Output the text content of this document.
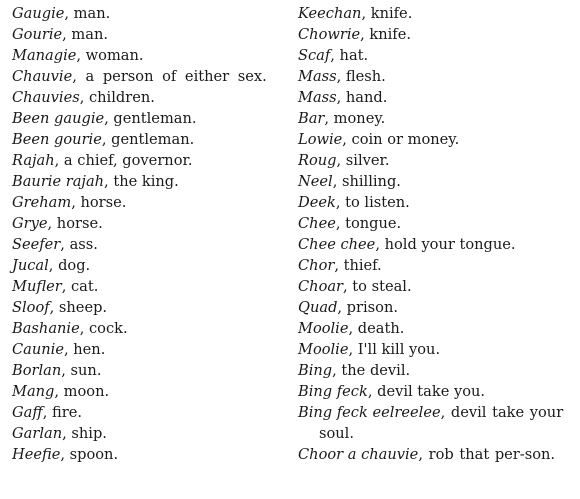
Gaugie, man.
Gourie, man.
Managie, woman.
Chauvie, a person of either sex.
Chauvies, children.
Been gaugie, gentleman.
Been gourie, gentleman.
Rajah, a chief, governor.
Baurie rajah, the king.
Greham, horse.
Grye, horse.
Seefer, ass.
Jucal, dog.
Mufler, cat.
Sloof, sheep.
Bashanie, cock.
Caunie, hen.
Borlan, sun.
Mang, moon.
Gaff, fire.
Garlan, ship.
Heefie, spoon.
Keechan, knife.
Chowrie, knife.
Scaf, hat.
Mass, flesh.
Mass, hand.
Bar, money.
Lowie, coin or money.
Roug, silver.
Neel, shilling.
Deek, to listen.
Chee, tongue.
Chee chee, hold your tongue.
Chor, thief.
Choar, to steal.
Quad, prison.
Moolie, death.
Moolie, I'll kill you.
Bing, the devil.
Bing feck, devil take you.
Bing feck eelreelee, devil take your soul.
Choor a chauvie, rob that per-son.
